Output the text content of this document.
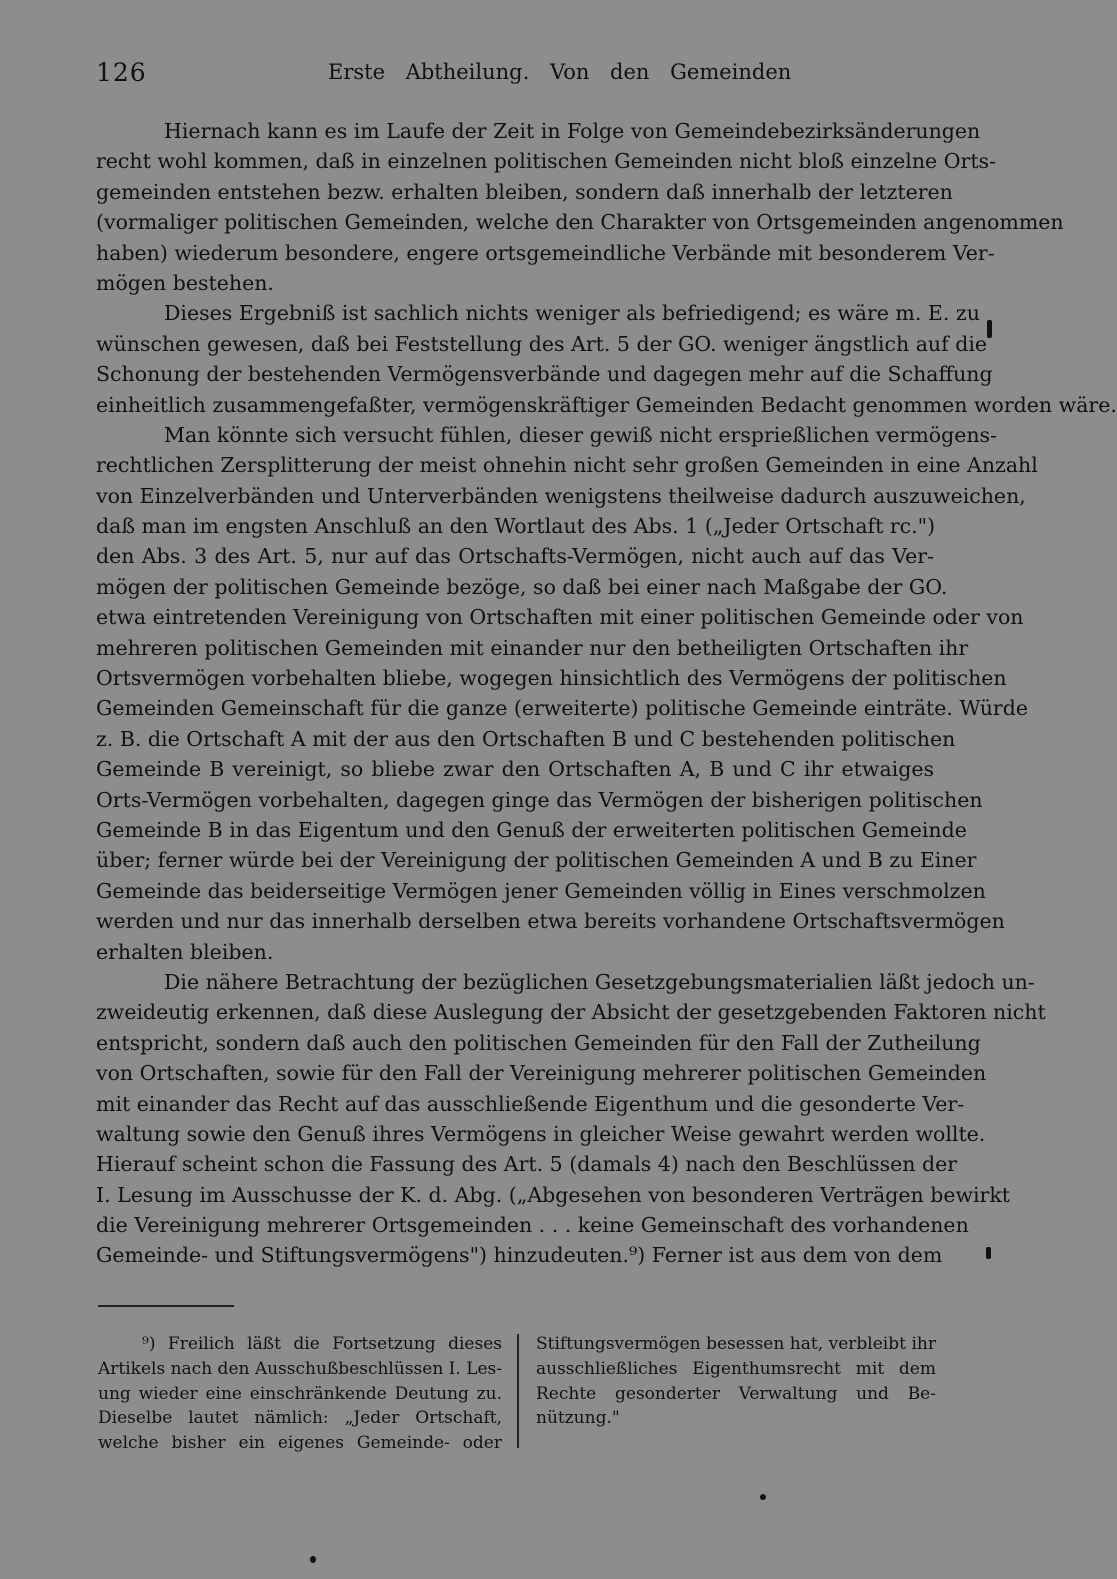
126	Erste Abtheilung. Von den Gemeinden
Hiernach kann es im Laufe der Zeit in Folge von Gemeindebezirksänderungen
recht wohl kommen, daß in einzelnen politischen Gemeinden nicht bloß einzelne Orts-
gemeinden entstehen bezw. erhalten bleiben, sondern daß innerhalb der letzteren
(vormaliger politischen Gemeinden, welche den Charakter von Ortsgemeinden angenommen
haben) wiederum besondere, engere ortsgemeindliche Verbände mit besonderem Ver-
mögen bestehen.
Dieses Ergebniß ist sachlich nichts weniger als befriedigend; es wäre m. E. zu
wünschen gewesen, daß bei Feststellung des Art. 5 der GO. weniger ängstlich auf die
Schonung der bestehenden Vermögensverbände und dagegen mehr auf die Schaffung
einheitlich zusammengefaßter, vermögenskräftiger Gemeinden Bedacht genommen worden wäre.
Man könnte sich versucht fühlen, dieser gewiß nicht ersprießlichen vermögens-
rechtlichen Zersplitterung der meist ohnehin nicht sehr großen Gemeinden in eine Anzahl
von Einzelverbänden und Unterverbänden wenigstens theilweise dadurch auszuweichen,
daß man im engsten Anschluß an den Wortlaut des Abs. 1 („Jeder Ortschaft rc.")
den Abs. 3 des Art. 5, nur auf das Ortschafts-Vermögen, nicht auch auf das Ver-
mögen der politischen Gemeinde bezöge, so daß bei einer nach Maßgabe der GO.
etwa eintretenden Vereinigung von Ortschaften mit einer politischen Gemeinde oder von
mehreren politischen Gemeinden mit einander nur den betheiligten Ortschaften ihr
Ortsvermögen vorbehalten bliebe, wogegen hinsichtlich des Vermögens der politischen
Gemeinden Gemeinschaft für die ganze (erweiterte) politische Gemeinde einträte. Würde
z. B. die Ortschaft A mit der aus den Ortschaften B und C bestehenden politischen
Gemeinde B vereinigt, so bliebe zwar den Ortschaften A, B und C ihr etwaiges
Orts-Vermögen vorbehalten, dagegen ginge das Vermögen der bisherigen politischen
Gemeinde B in das Eigentum und den Genuß der erweiterten politischen Gemeinde
über; ferner würde bei der Vereinigung der politischen Gemeinden A und B zu Einer
Gemeinde das beiderseitige Vermögen jener Gemeinden völlig in Eines verschmolzen
werden und nur das innerhalb derselben etwa bereits vorhandene Ortschaftsvermögen
erhalten bleiben.
Die nähere Betrachtung der bezüglichen Gesetzgebungsmaterialien läßt jedoch un-
zweideutig erkennen, daß diese Auslegung der Absicht der gesetzgebenden Faktoren nicht
entspricht, sondern daß auch den politischen Gemeinden für den Fall der Zutheilung
von Ortschaften, sowie für den Fall der Vereinigung mehrerer politischen Gemeinden
mit einander das Recht auf das ausschließende Eigenthum und die gesonderte Ver-
waltung sowie den Genuß ihres Vermögens in gleicher Weise gewahrt werden wollte.
Hierauf scheint schon die Fassung des Art. 5 (damals 4) nach den Beschlüssen der
I. Lesung im Ausschusse der K. d. Abg. („Abgesehen von besonderen Verträgen bewirkt
die Vereinigung mehrerer Ortsgemeinden . . . keine Gemeinschaft des vorhandenen
Gemeinde- und Stiftungsvermögens") hinzudeuten.⁹) Ferner ist aus dem von dem
⁹) Freilich läßt die Fortsetzung dieses
Artikels nach den Ausschußbeschlüssen I. Les-
ung wieder eine einschränkende Deutung zu.
Dieselbe lautet nämlich: „Jeder Ortschaft,
welche bisher ein eigenes Gemeinde- oder
Stiftungsvermögen besessen hat, verbleibt ihr
ausschließliches Eigenthumsrecht mit dem
Rechte gesonderter Verwaltung und Be-
nützung."
